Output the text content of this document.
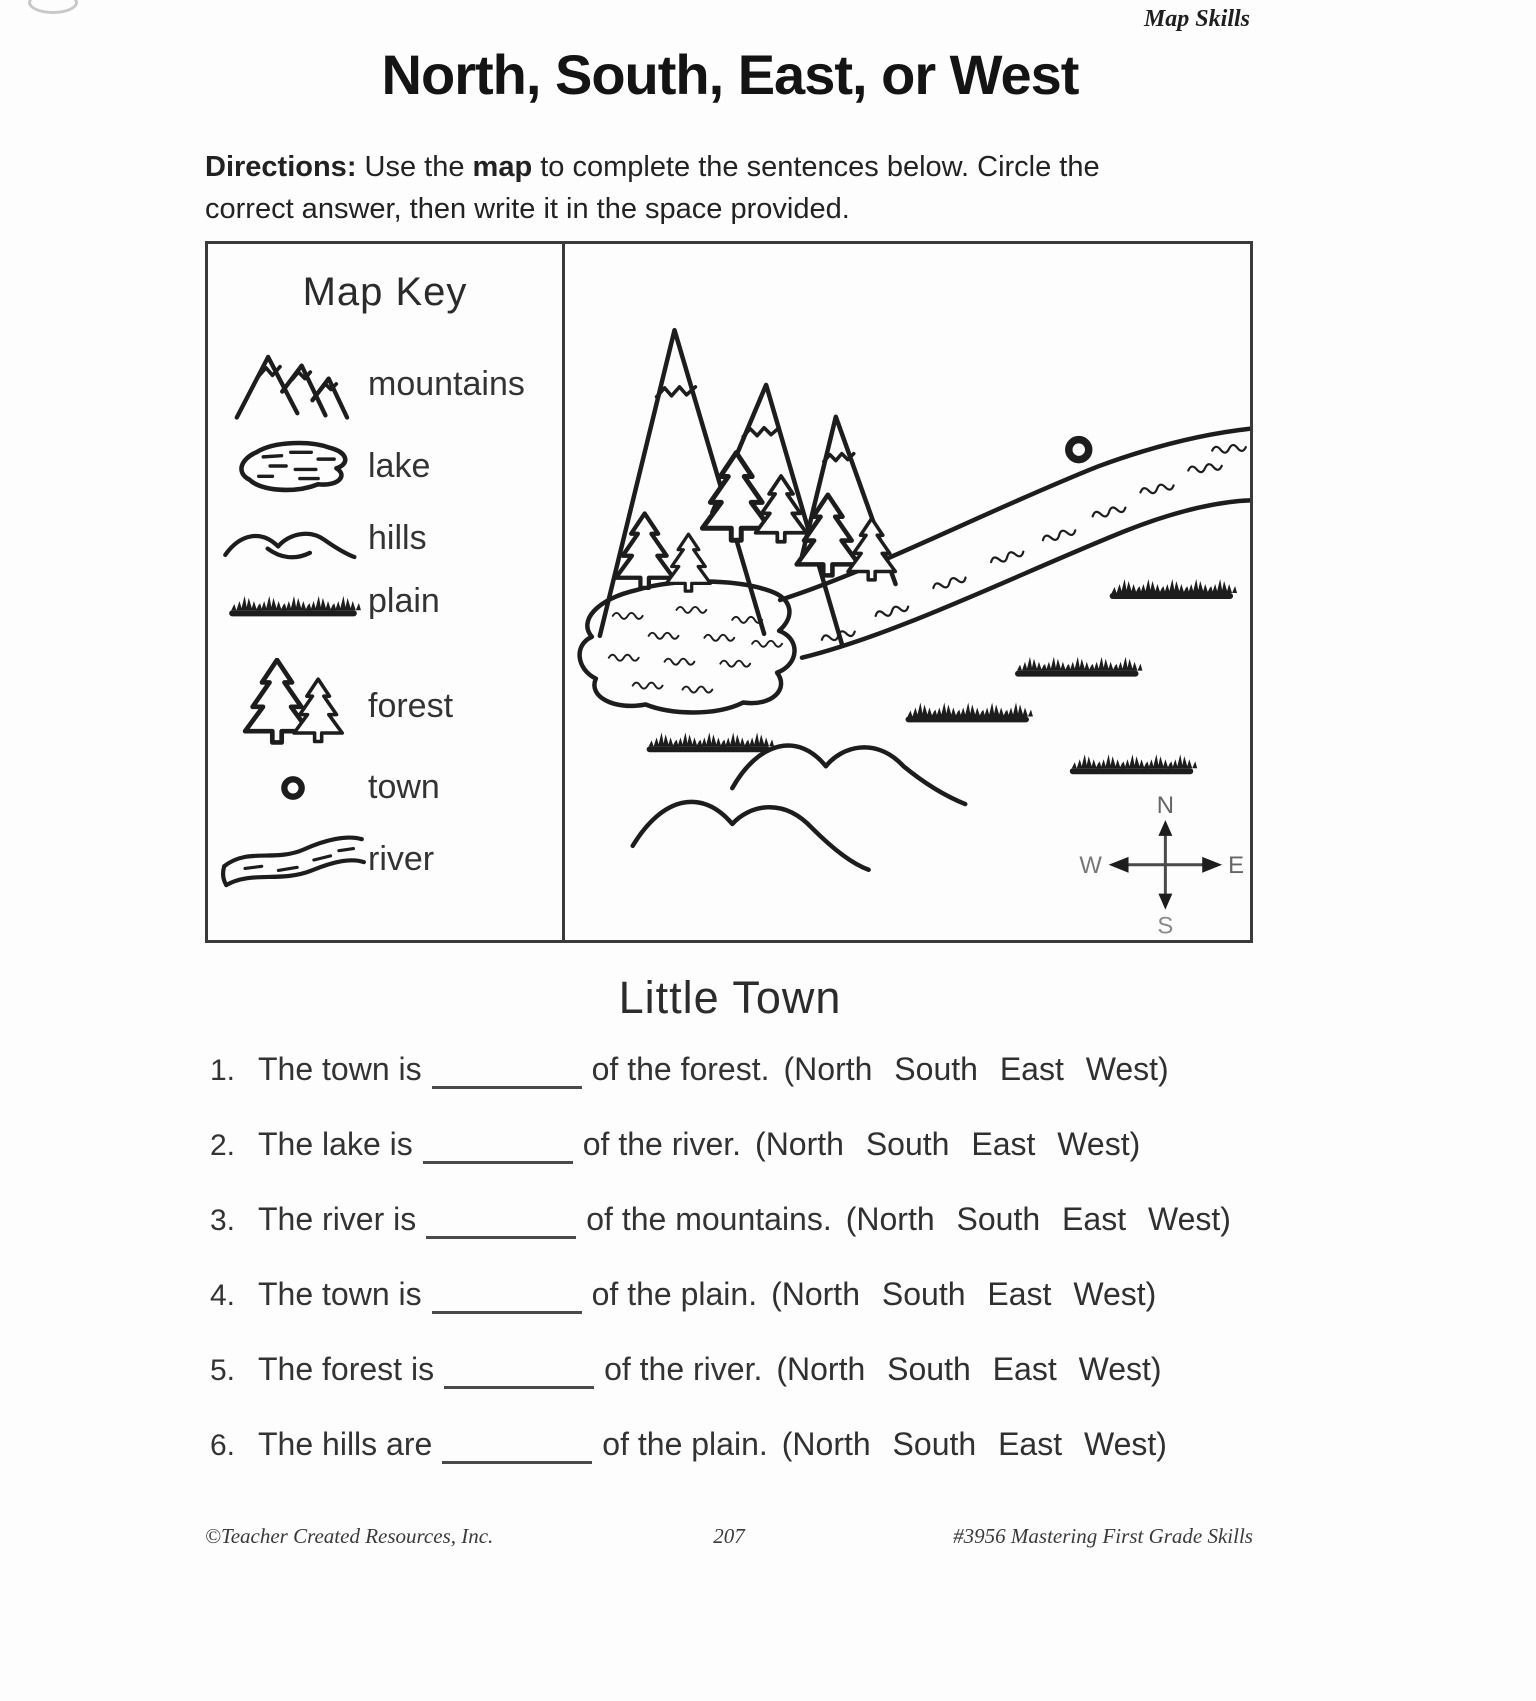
Map Skills
North, South, East, or West

Directions: Use the map to complete the sentences below. Circle the
correct answer, then write it in the space provided.

Map Key
mountains
lake
hills
plain
forest
town
river
N
S
W	E
Little Town
1. The town is	of the forest. (North South East West)
2. The lake is	of the river. (North South East West)
3. The river is	of the mountains. (North South East West)
4. The town is	of the plain. (North South East West)
5. The forest is	of the river. (North South East West)
6. The hills are	of the plain. (North South East West)
©Teacher Created Resources, Inc.	207	#3956 Mastering First Grade Skills
